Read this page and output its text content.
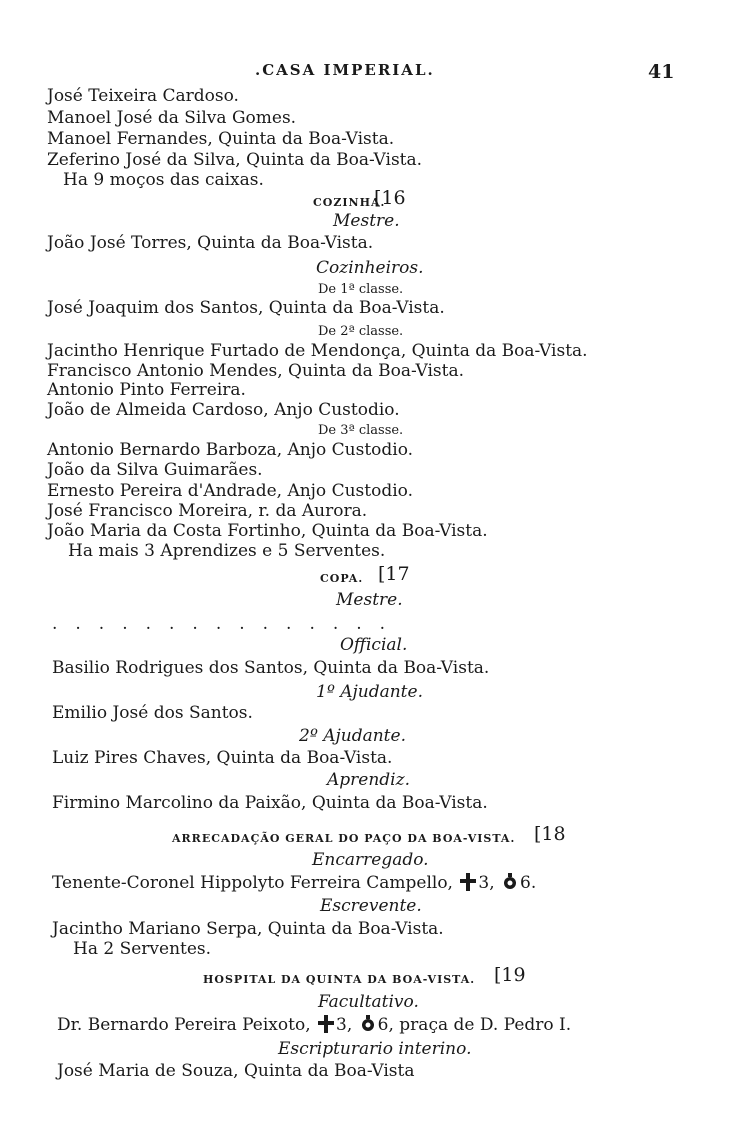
.CASA IMPERIAL.	41
José Teixeira Cardoso.
Manoel José da Silva Gomes.
Manoel Fernandes, Quinta da Boa-Vista.
Zeferino José da Silva, Quinta da Boa-Vista.
Ha 9 moços das caixas.
COZINHA.
[16
Mestre.
João José Torres, Quinta da Boa-Vista.
Cozinheiros.
De 1ª classe.
José Joaquim dos Santos, Quinta da Boa-Vista.
De 2ª classe.
Jacintho Henrique Furtado de Mendonça, Quinta da Boa-Vista.
Francisco Antonio Mendes, Quinta da Boa-Vista.
Antonio Pinto Ferreira.
João de Almeida Cardoso, Anjo Custodio.
De 3ª classe.
Antonio Bernardo Barboza, Anjo Custodio.
João da Silva Guimarães.
Ernesto Pereira d'Andrade, Anjo Custodio.
José Francisco Moreira, r. da Aurora.
João Maria da Costa Fortinho, Quinta da Boa-Vista.
Ha mais 3 Aprendizes e 5 Serventes.
COPA. [17
Mestre.
...............
Official.
Basilio Rodrigues dos Santos, Quinta da Boa-Vista.
1º Ajudante.
Emilio José dos Santos.
2º Ajudante.
Luiz Pires Chaves, Quinta da Boa-Vista.
Aprendiz.
Firmino Marcolino da Paixão, Quinta da Boa-Vista.
ARRECADAÇÃO GERAL DO PAÇO DA BOA-VISTA. [18
Encarregado.
Tenente-Coronel Hippolyto Ferreira Campello, 3, 6.
Escrevente.
Jacintho Mariano Serpa, Quinta da Boa-Vista.
Ha 2 Serventes.
HOSPITAL DA QUINTA DA BOA-VISTA. [19
Facultativo.
Dr. Bernardo Pereira Peixoto, 3, 6, praça de D. Pedro I.
Escripturario interino.
José Maria de Souza, Quinta da Boa-Vista
